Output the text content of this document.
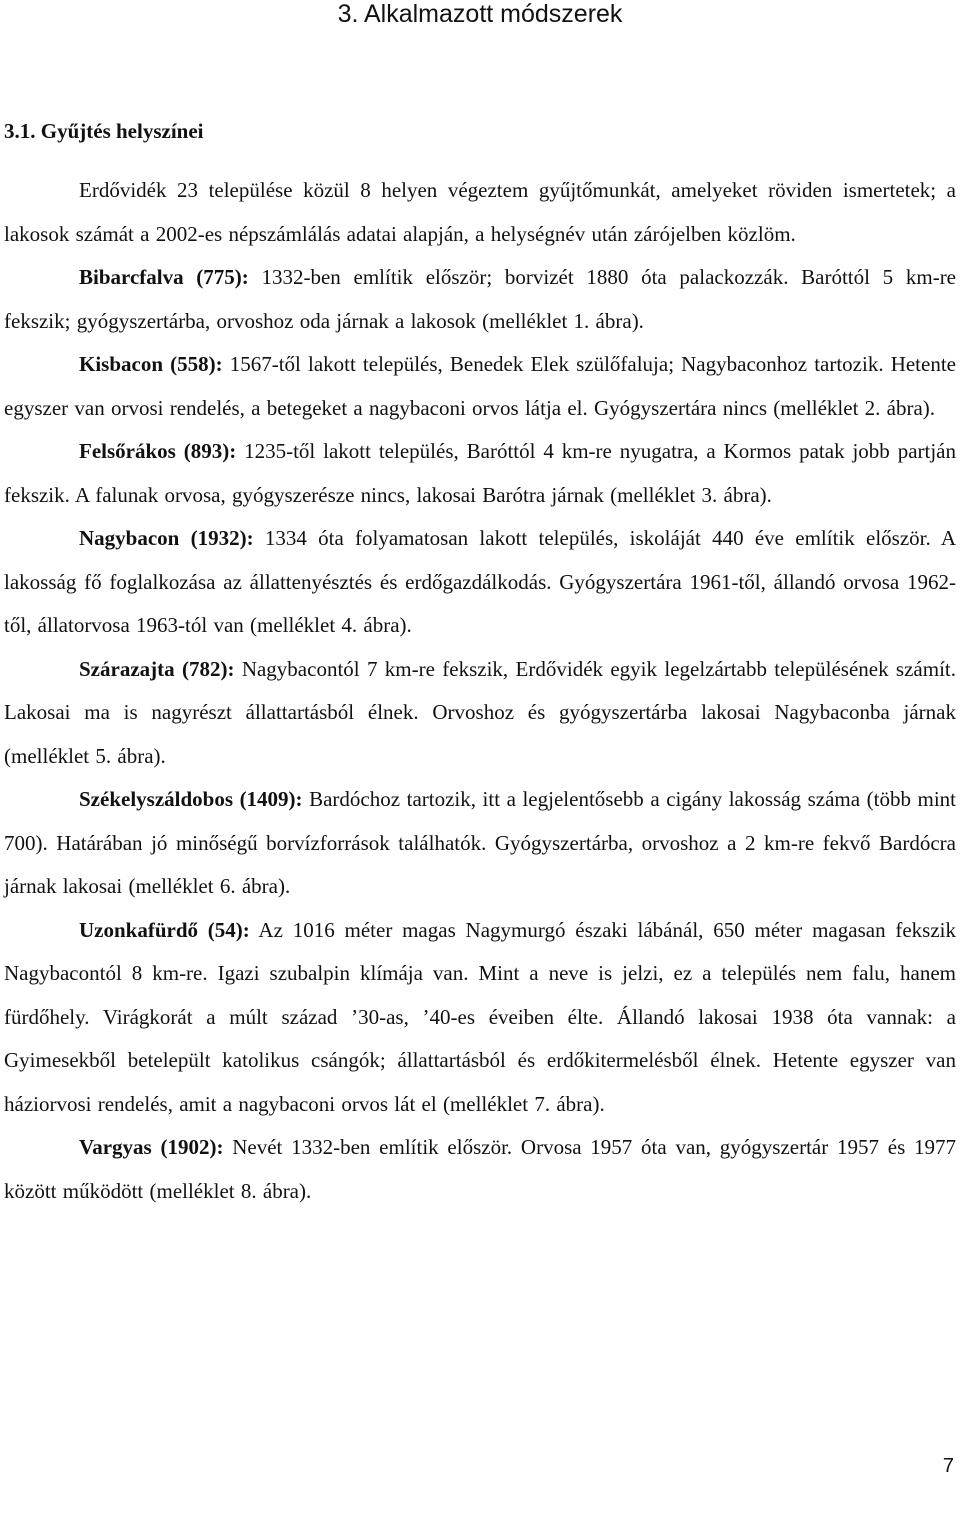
3. Alkalmazott módszerek
3.1. Gyűjtés helyszínei

Erdővidék 23 települése közül 8 helyen végeztem gyűjtőmunkát, amelyeket röviden ismertetek; a lakosok számát a 2002-es népszámlálás adatai alapján, a helységnév után zárójelben közlöm.

Bibarcfalva (775): 1332-ben említik először; borvizét 1880 óta palackozzák. Baróttól 5 km-re fekszik; gyógyszertárba, orvoshoz oda járnak a lakosok (melléklet 1. ábra).

Kisbacon (558): 1567-től lakott település, Benedek Elek szülőfaluja; Nagybaconhoz tartozik. Hetente egyszer van orvosi rendelés, a betegeket a nagybaconi orvos látja el. Gyógyszertára nincs (melléklet 2. ábra).

Felsőrákos (893): 1235-től lakott település, Baróttól 4 km-re nyugatra, a Kormos patak jobb partján fekszik. A falunak orvosa, gyógyszerésze nincs, lakosai Barótra járnak (melléklet 3. ábra).

Nagybacon (1932): 1334 óta folyamatosan lakott település, iskoláját 440 éve említik először. A lakosság fő foglalkozása az állattenyésztés és erdőgazdálkodás. Gyógyszertára 1961-től, állandó orvosa 1962-től, állatorvosa 1963-tól van (melléklet 4. ábra).

Szárazajta (782): Nagybacontól 7 km-re fekszik, Erdővidék egyik legelzártabb településének számít. Lakosai ma is nagyrészt állattartásból élnek. Orvoshoz és gyógyszertárba lakosai Nagybaconba járnak (melléklet 5. ábra).

Székelyszáldobos (1409): Bardóchoz tartozik, itt a legjelentősebb a cigány lakosság száma (több mint 700). Határában jó minőségű borvízforrások találhatók. Gyógyszertárba, orvoshoz a 2 km-re fekvő Bardócra járnak lakosai (melléklet 6. ábra).

Uzonkafürdő (54): Az 1016 méter magas Nagymurgó északi lábánál, 650 méter magasan fekszik Nagybacontól 8 km-re. Igazi szubalpin klímája van. Mint a neve is jelzi, ez a település nem falu, hanem fürdőhely. Virágkorát a múlt század ’30-as, ’40-es éveiben élte. Állandó lakosai 1938 óta vannak: a Gyimesekből betelepült katolikus csángók; állattartásból és erdőkitermelésből élnek. Hetente egyszer van háziorvosi rendelés, amit a nagybaconi orvos lát el (melléklet 7. ábra).

Vargyas (1902): Nevét 1332-ben említik először. Orvosa 1957 óta van, gyógyszertár 1957 és 1977 között működött (melléklet 8. ábra).

7
